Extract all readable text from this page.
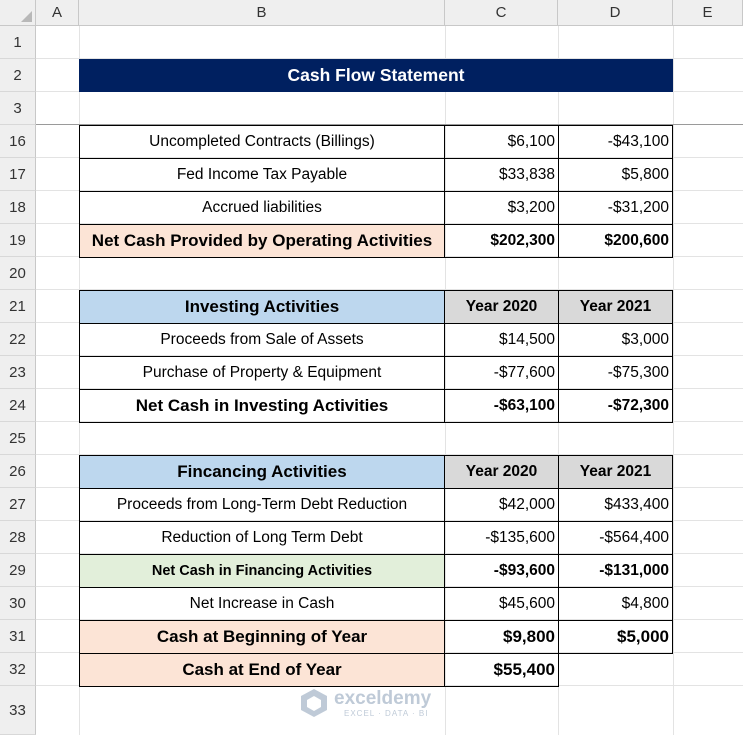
A	B	C	D	E
1
2
3
16
17
18
19
20
21
22
23
24
25
26
27
28
29
30
31
32
33
Cash Flow Statement
Uncompleted Contracts (Billings)	$6,100	-$43,100
Fed Income Tax Payable	$33,838	$5,800
Accrued liabilities	$3,200	-$31,200
Net Cash Provided by Operating Activities	$202,300	$200,600
Investing Activities	Year 2020	Year 2021
Proceeds from Sale of Assets	$14,500	$3,000
Purchase of Property & Equipment	-$77,600	-$75,300
Net Cash in Investing Activities	-$63,100	-$72,300
Fincancing Activities	Year 2020	Year 2021
Proceeds from Long-Term Debt Reduction	$42,000	$433,400
Reduction of Long Term Debt	-$135,600	-$564,400
Net Cash in Financing Activities	-$93,600	-$131,000
Net Increase in Cash	$45,600	$4,800
Cash at Beginning of Year	$9,800	$5,000
Cash at End of Year	$55,400
exceldemy
EXCEL · DATA · BI
